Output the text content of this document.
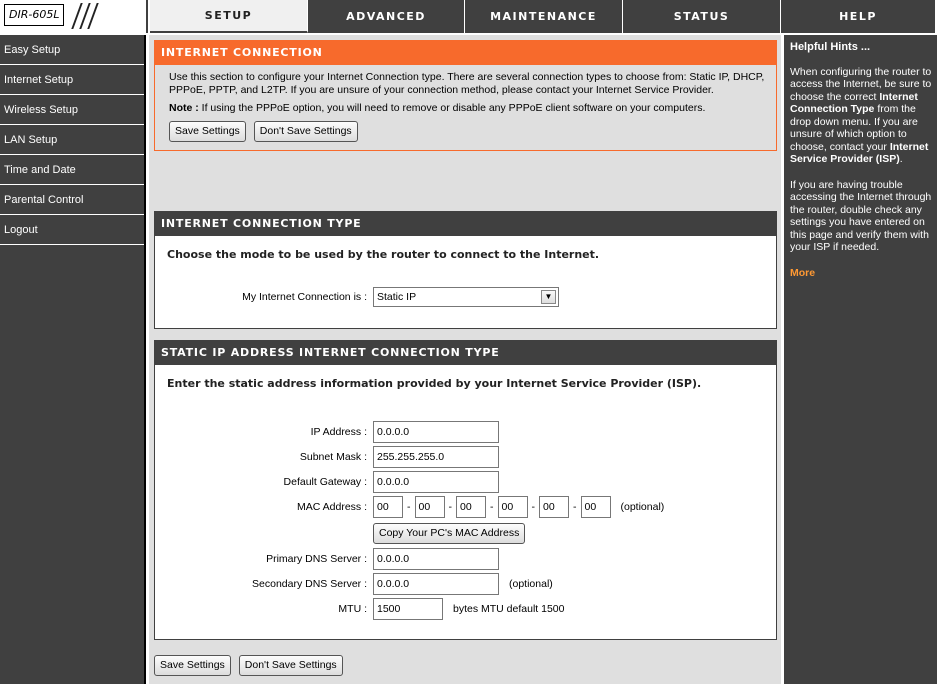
DIR-605L	SETUP	ADVANCED	MAINTENANCE	STATUS	HELP
Easy Setup
Internet Setup
Wireless Setup
LAN Setup
Time and Date
Parental Control
Logout
INTERNET CONNECTION
Use this section to configure your Internet Connection type. There are several connection types to choose from: Static IP, DHCP, PPPoE, PPTP, and L2TP. If you are unsure of your connection method, please contact your Internet Service Provider.
Note : If using the PPPoE option, you will need to remove or disable any PPPoE client software on your computers.
Save Settings	Don't Save Settings
INTERNET CONNECTION TYPE
Choose the mode to be used by the router to connect to the Internet.
My Internet Connection is : Static IP	▼
STATIC IP ADDRESS INTERNET CONNECTION TYPE
Enter the static address information provided by your Internet Service Provider (ISP).
IP Address : 0.0.0.0
Subnet Mask : 255.255.255.0
Default Gateway : 0.0.0.0
MAC Address : 00	- 00	- 00	- 00	- 00	- 00	(optional)
Copy Your PC's MAC Address
Primary DNS Server : 0.0.0.0
Secondary DNS Server : 0.0.0.0	(optional)
MTU : 1500	bytes MTU default 1500
Save Settings	Don't Save Settings
Helpful Hints ...

When configuring the router to access the Internet, be sure to choose the correct Internet Connection Type from the drop down menu. If you are unsure of which option to choose, contact your Internet Service Provider (ISP).

If you are having trouble accessing the Internet through the router, double check any settings you have entered on this page and verify them with your ISP if needed.

More
